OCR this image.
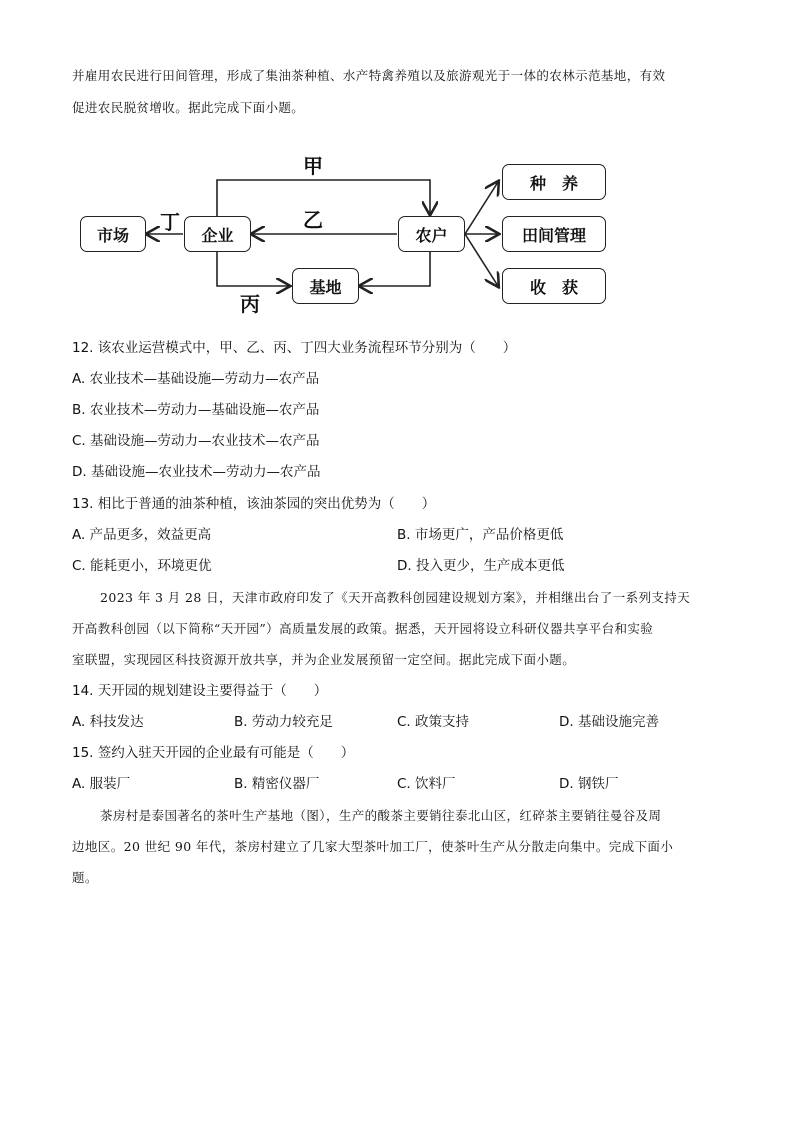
并雇用农民进行田间管理，形成了集油茶种植、水产特禽养殖以及旅游观光于一体的农林示范基地，有效
促进农民脱贫增收。据此完成下面小题。
市场	企业	农户
基地
种　养
田间管理
收　获
甲
乙
丁
丙
12. 该农业运营模式中，甲、乙、丙、丁四大业务流程环节分别为（　　）
A. 农业技术—基础设施—劳动力—农产品
B. 农业技术—劳动力—基础设施—农产品
C. 基础设施—劳动力—农业技术—农产品
D. 基础设施—农业技术—劳动力—农产品
13. 相比于普通的油茶种植，该油茶园的突出优势为（　　）
A. 产品更多，效益更高	B. 市场更广，产品价格更低
C. 能耗更小，环境更优	D. 投入更少，生产成本更低
2023 年 3 月 28 日，天津市政府印发了《天开高教科创园建设规划方案》，并相继出台了一系列支持天
开高教科创园（以下简称“天开园”）高质量发展的政策。据悉，天开园将设立科研仪器共享平台和实验
室联盟，实现园区科技资源开放共享，并为企业发展预留一定空间。据此完成下面小题。
14. 天开园的规划建设主要得益于（　　）
A. 科技发达	B. 劳动力较充足	C. 政策支持	D. 基础设施完善
15. 签约入驻天开园的企业最有可能是（　　）
A. 服装厂	B. 精密仪器厂	C. 饮料厂	D. 钢铁厂
茶房村是泰国著名的茶叶生产基地（图），生产的酸茶主要销往泰北山区，红碎茶主要销往曼谷及周
边地区。20 世纪 90 年代，茶房村建立了几家大型茶叶加工厂，使茶叶生产从分散走向集中。完成下面小
题。
